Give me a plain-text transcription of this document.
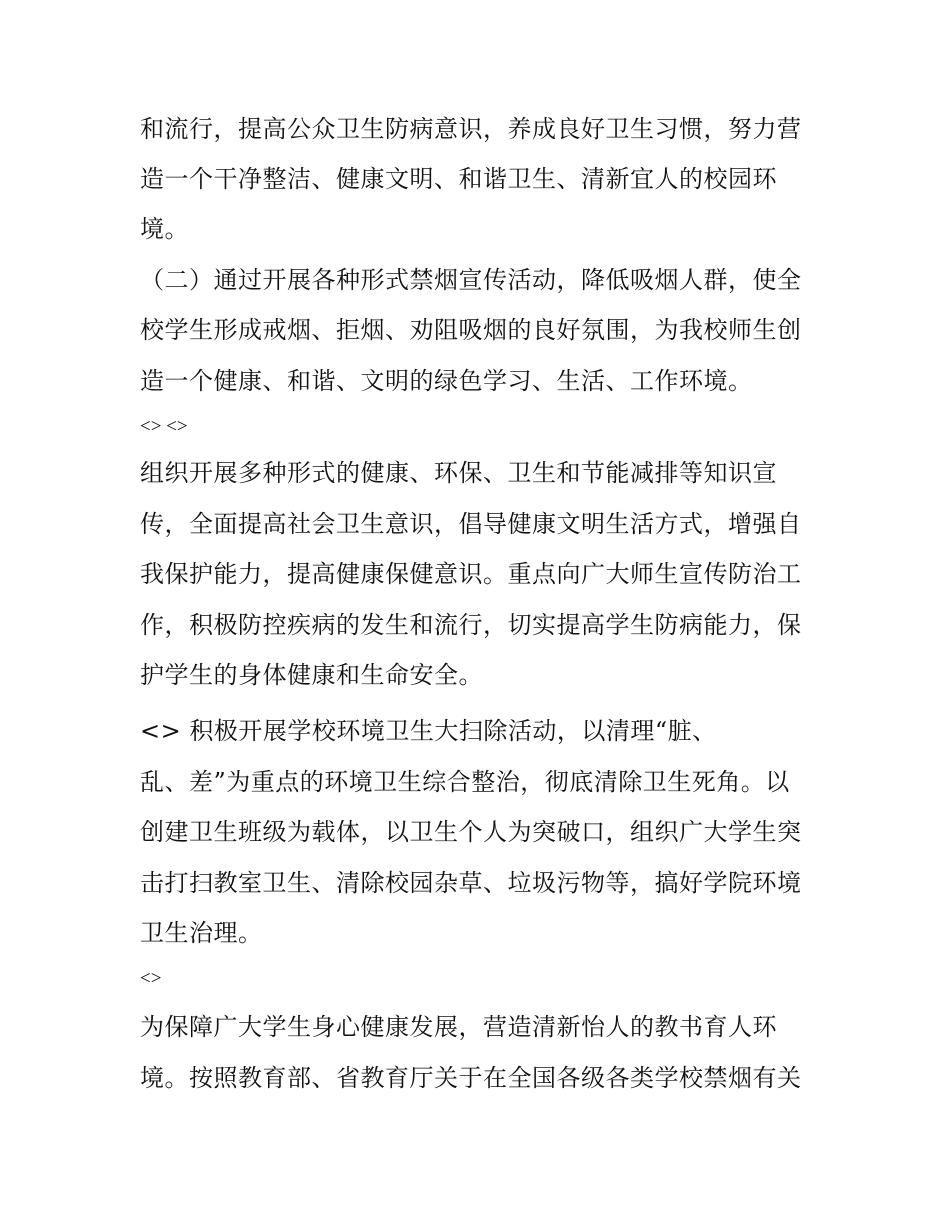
和流行，提高公众卫生防病意识，养成良好卫生习惯，努力营

造一个干净整洁、健康文明、和谐卫生、清新宜人的校园环

境。

（二）通过开展各种形式禁烟宣传活动，降低吸烟人群，使全

校学生形成戒烟、拒烟、劝阻吸烟的良好氛围，为我校师生创

造一个健康、和谐、文明的绿色学习、生活、工作环境。

<> <>

组织开展多种形式的健康、环保、卫生和节能减排等知识宣

传，全面提高社会卫生意识，倡导健康文明生活方式，增强自

我保护能力，提高健康保健意识。重点向广大师生宣传防治工

作，积极防控疾病的发生和流行，切实提高学生防病能力，保

护学生的身体健康和生命安全。

<> 积极开展学校环境卫生大扫除活动，以清理“脏、

乱、差”为重点的环境卫生综合整治，彻底清除卫生死角。以

创建卫生班级为载体，以卫生个人为突破口，组织广大学生突

击打扫教室卫生、清除校园杂草、垃圾污物等，搞好学院环境

卫生治理。

<>

为保障广大学生身心健康发展，营造清新怡人的教书育人环

境。按照教育部、省教育厅关于在全国各级各类学校禁烟有关
